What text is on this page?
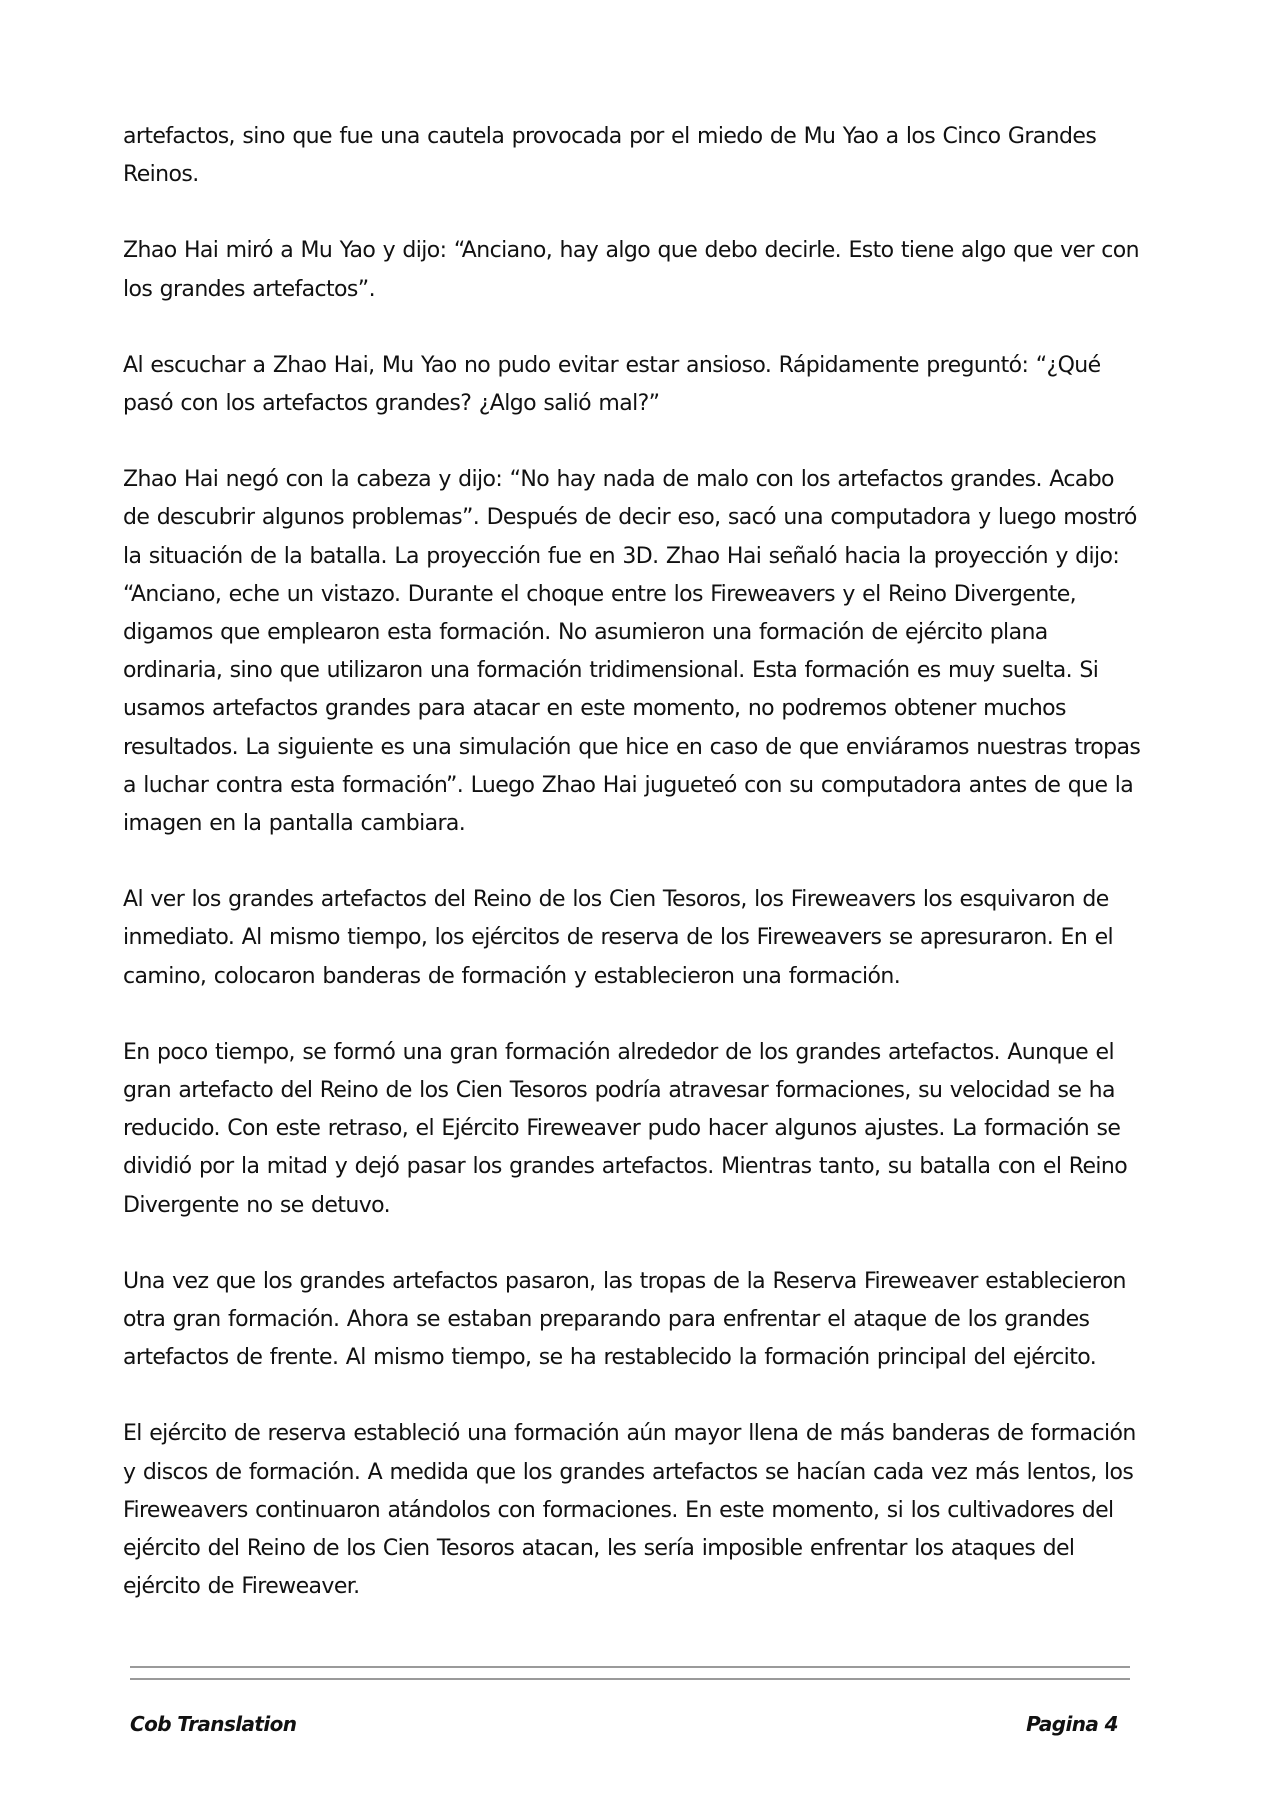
artefactos, sino que fue una cautela provocada por el miedo de Mu Yao a los Cinco Grandes Reinos.

Zhao Hai miró a Mu Yao y dijo: “Anciano, hay algo que debo decirle. Esto tiene algo que ver con los grandes artefactos”.

Al escuchar a Zhao Hai, Mu Yao no pudo evitar estar ansioso. Rápidamente preguntó: “¿Qué pasó con los artefactos grandes? ¿Algo salió mal?”

Zhao Hai negó con la cabeza y dijo: “No hay nada de malo con los artefactos grandes. Acabo de descubrir algunos problemas”. Después de decir eso, sacó una computadora y luego mostró la situación de la batalla. La proyección fue en 3D. Zhao Hai señaló hacia la proyección y dijo: “Anciano, eche un vistazo. Durante el choque entre los Fireweavers y el Reino Divergente, digamos que emplearon esta formación. No asumieron una formación de ejército plana ordinaria, sino que utilizaron una formación tridimensional. Esta formación es muy suelta. Si usamos artefactos grandes para atacar en este momento, no podremos obtener muchos resultados. La siguiente es una simulación que hice en caso de que enviáramos nuestras tropas a luchar contra esta formación”. Luego Zhao Hai jugueteó con su computadora antes de que la imagen en la pantalla cambiara.

Al ver los grandes artefactos del Reino de los Cien Tesoros, los Fireweavers los esquivaron de inmediato. Al mismo tiempo, los ejércitos de reserva de los Fireweavers se apresuraron. En el camino, colocaron banderas de formación y establecieron una formación.

En poco tiempo, se formó una gran formación alrededor de los grandes artefactos. Aunque el gran artefacto del Reino de los Cien Tesoros podría atravesar formaciones, su velocidad se ha reducido. Con este retraso, el Ejército Fireweaver pudo hacer algunos ajustes. La formación se dividió por la mitad y dejó pasar los grandes artefactos. Mientras tanto, su batalla con el Reino Divergente no se detuvo.

Una vez que los grandes artefactos pasaron, las tropas de la Reserva Fireweaver establecieron otra gran formación. Ahora se estaban preparando para enfrentar el ataque de los grandes artefactos de frente. Al mismo tiempo, se ha restablecido la formación principal del ejército.

El ejército de reserva estableció una formación aún mayor llena de más banderas de formación y discos de formación. A medida que los grandes artefactos se hacían cada vez más lentos, los Fireweavers continuaron atándolos con formaciones. En este momento, si los cultivadores del ejército del Reino de los Cien Tesoros atacan, les sería imposible enfrentar los ataques del ejército de Fireweaver.

Cob Translation	Pagina 4
